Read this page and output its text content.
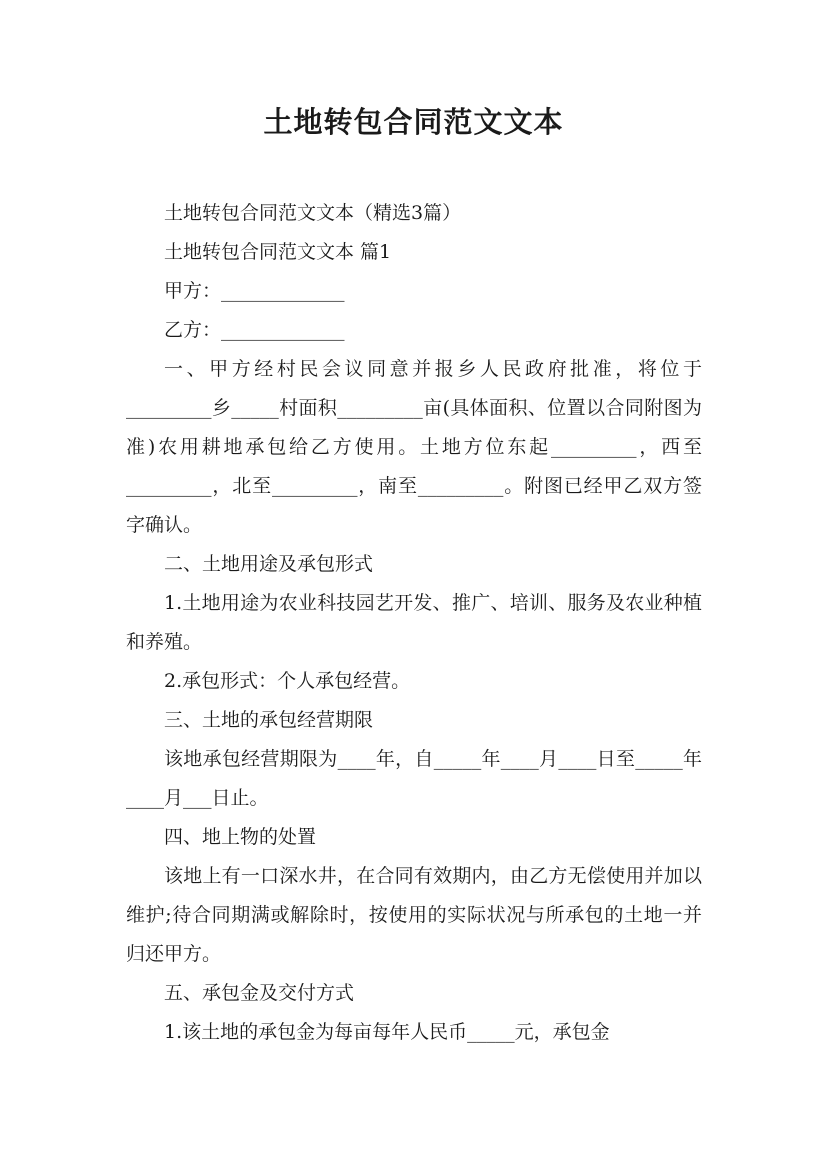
土地转包合同范文文本

土地转包合同范文文本（精选3篇）

土地转包合同范文文本 篇1

甲方：_____________

乙方：_____________

一、甲方经村民会议同意并报乡人民政府批准，将位于_________乡_____村面积_________亩(具体面积、位置以合同附图为准)农用耕地承包给乙方使用。土地方位东起_________，西至_________，北至_________，南至_________。附图已经甲乙双方签字确认。

二、土地用途及承包形式

1.土地用途为农业科技园艺开发、推广、培训、服务及农业种植和养殖。

2.承包形式：个人承包经营。

三、土地的承包经营期限

该地承包经营期限为____年，自_____年____月____日至_____年____月___日止。

四、地上物的处置

该地上有一口深水井，在合同有效期内，由乙方无偿使用并加以维护;待合同期满或解除时，按使用的实际状况与所承包的土地一并归还甲方。

五、承包金及交付方式

1.该土地的承包金为每亩每年人民币_____元，承包金
